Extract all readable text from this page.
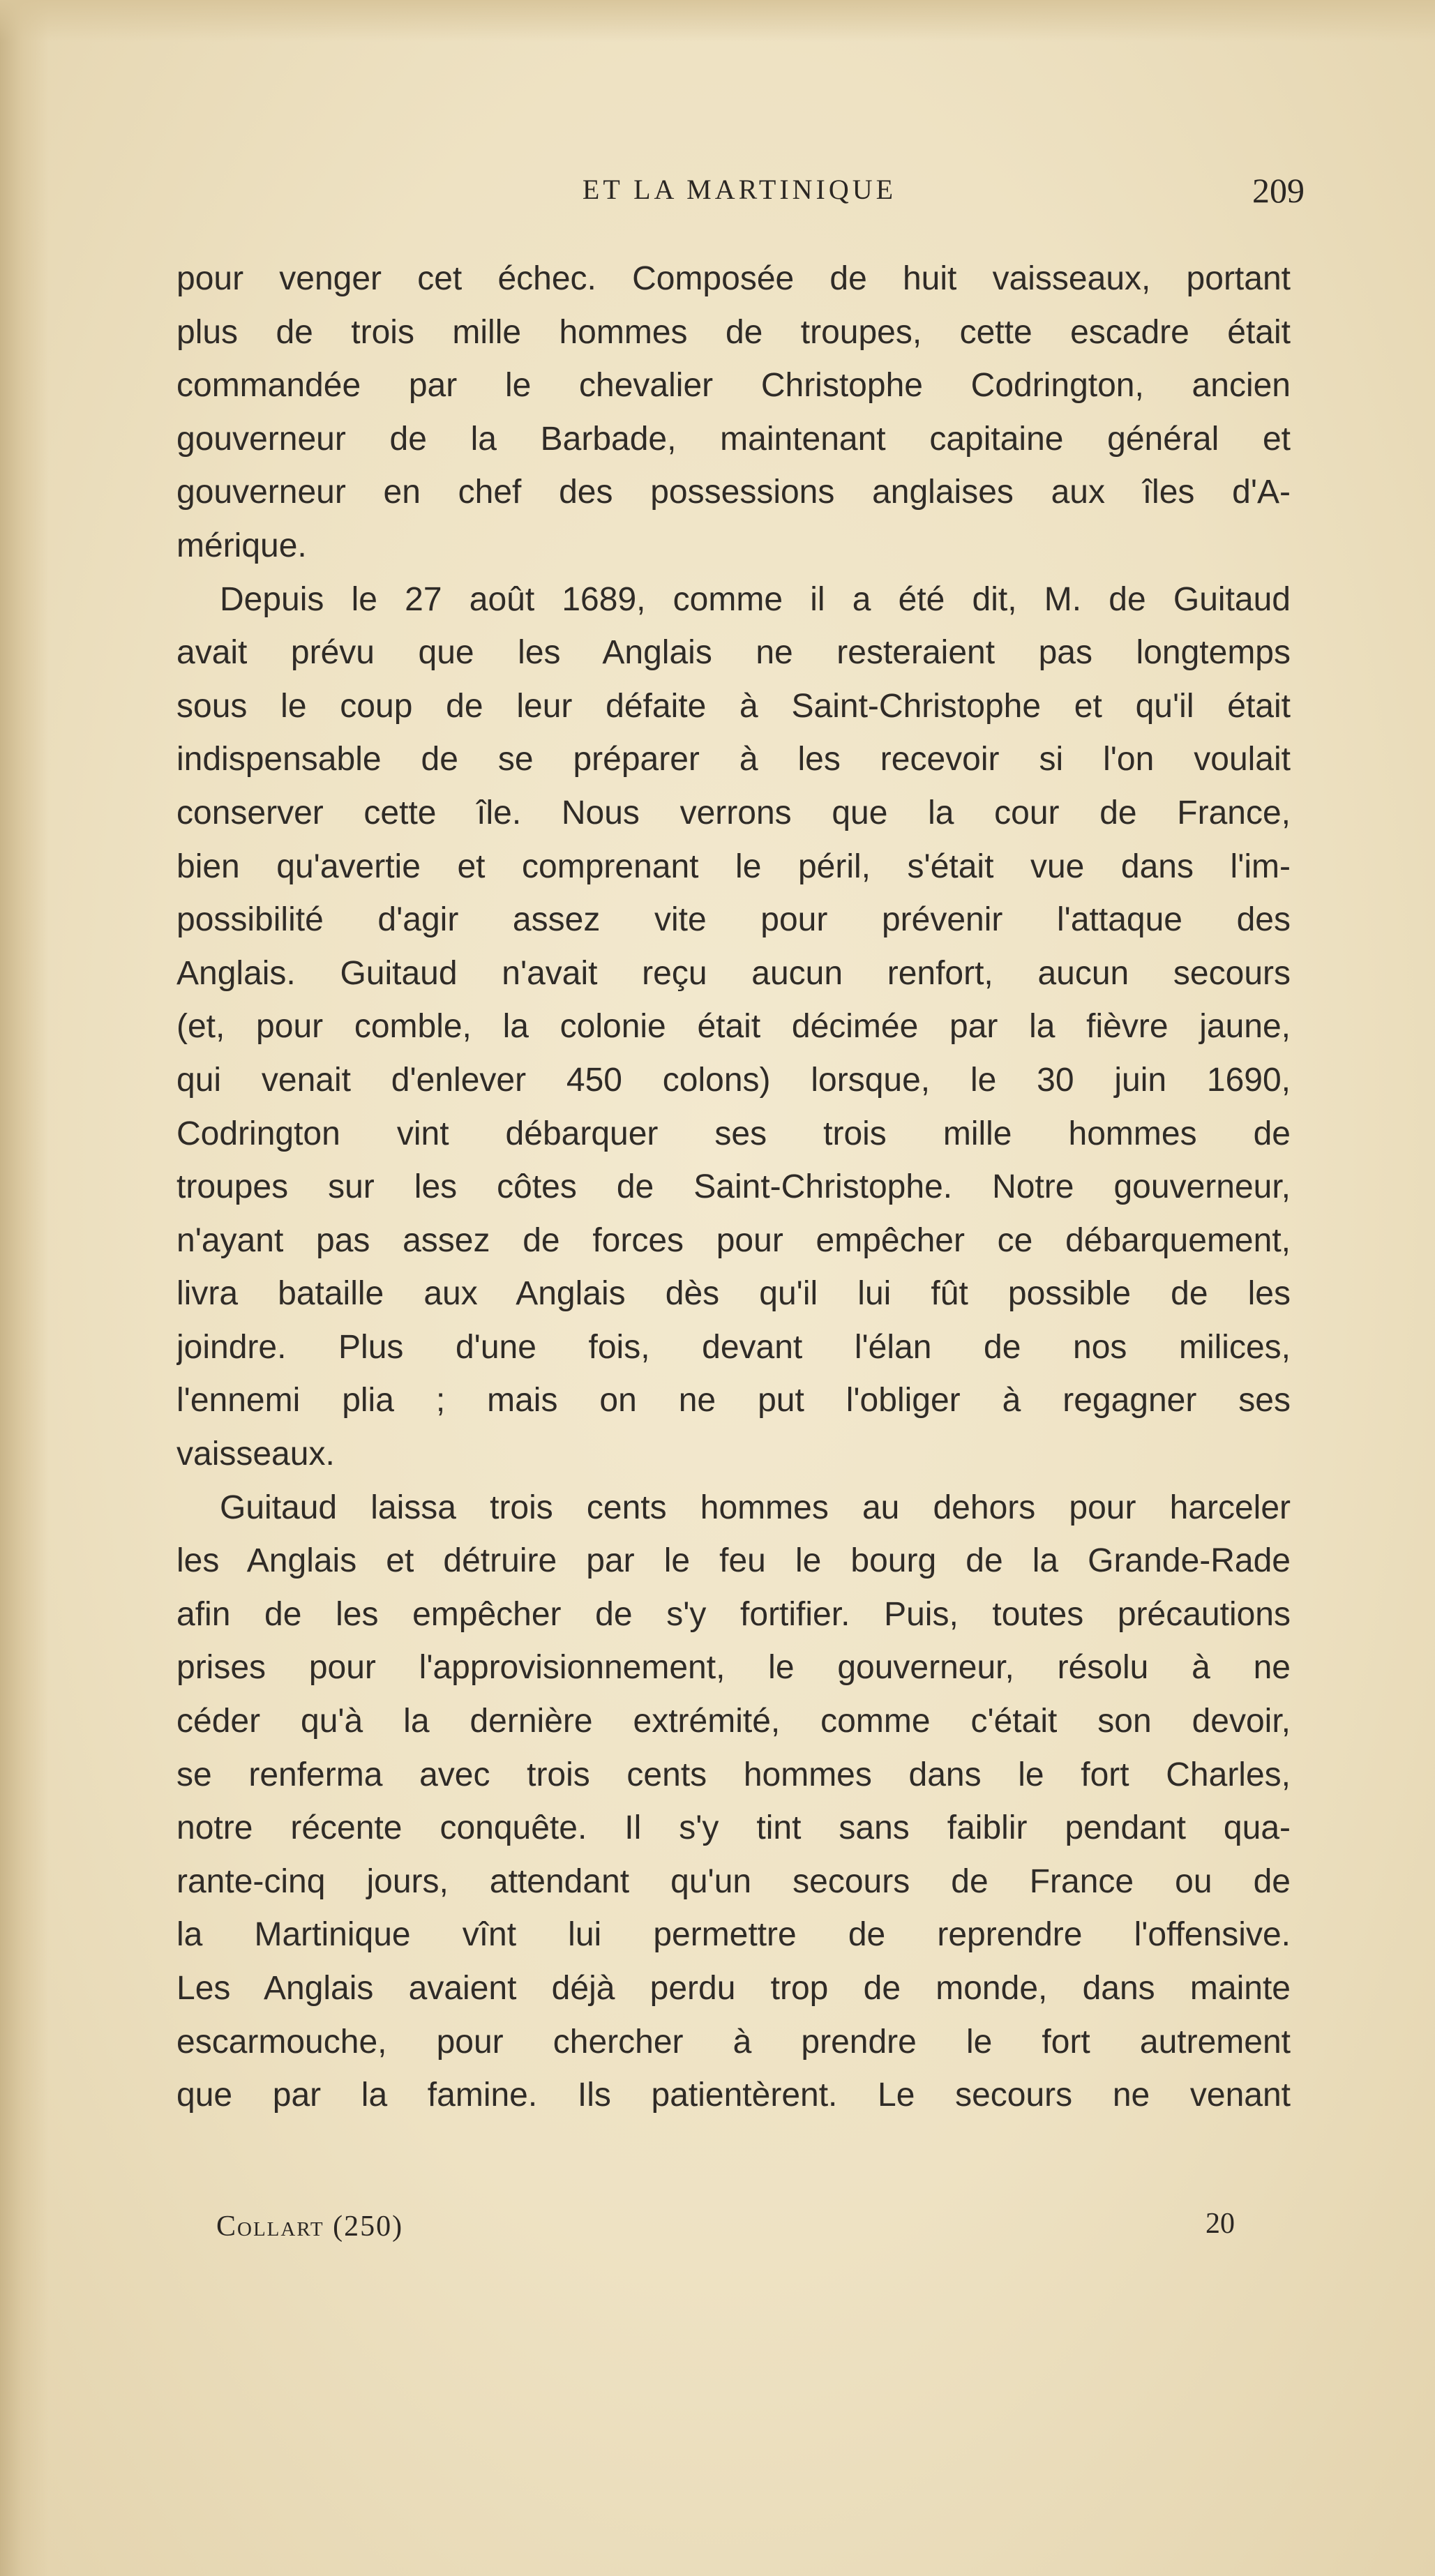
ET LA MARTINIQUE	209
pour venger cet échec. Composée de huit vaisseaux, portant
plus de trois mille hommes de troupes, cette escadre était
commandée par le chevalier Christophe Codrington, ancien
gouverneur de la Barbade, maintenant capitaine général et
gouverneur en chef des possessions anglaises aux îles d'A-
mérique.
Depuis le 27 août 1689, comme il a été dit, M. de Guitaud
avait prévu que les Anglais ne resteraient pas longtemps
sous le coup de leur défaite à Saint-Christophe et qu'il était
indispensable de se préparer à les recevoir si l'on voulait
conserver cette île. Nous verrons que la cour de France,
bien qu'avertie et comprenant le péril, s'était vue dans l'im-
possibilité d'agir assez vite pour prévenir l'attaque des
Anglais. Guitaud n'avait reçu aucun renfort, aucun secours
(et, pour comble, la colonie était décimée par la fièvre jaune,
qui venait d'enlever 450 colons) lorsque, le 30 juin 1690,
Codrington vint débarquer ses trois mille hommes de
troupes sur les côtes de Saint-Christophe. Notre gouverneur,
n'ayant pas assez de forces pour empêcher ce débarquement,
livra bataille aux Anglais dès qu'il lui fût possible de les
joindre. Plus d'une fois, devant l'élan de nos milices,
l'ennemi plia ; mais on ne put l'obliger à regagner ses
vaisseaux.
Guitaud laissa trois cents hommes au dehors pour harceler
les Anglais et détruire par le feu le bourg de la Grande-Rade
afin de les empêcher de s'y fortifier. Puis, toutes précautions
prises pour l'approvisionnement, le gouverneur, résolu à ne
céder qu'à la dernière extrémité, comme c'était son devoir,
se renferma avec trois cents hommes dans le fort Charles,
notre récente conquête. Il s'y tint sans faiblir pendant qua-
rante-cinq jours, attendant qu'un secours de France ou de
la Martinique vînt lui permettre de reprendre l'offensive.
Les Anglais avaient déjà perdu trop de monde, dans mainte
escarmouche, pour chercher à prendre le fort autrement
que par la famine. Ils patientèrent. Le secours ne venant
Collart (250)	20
